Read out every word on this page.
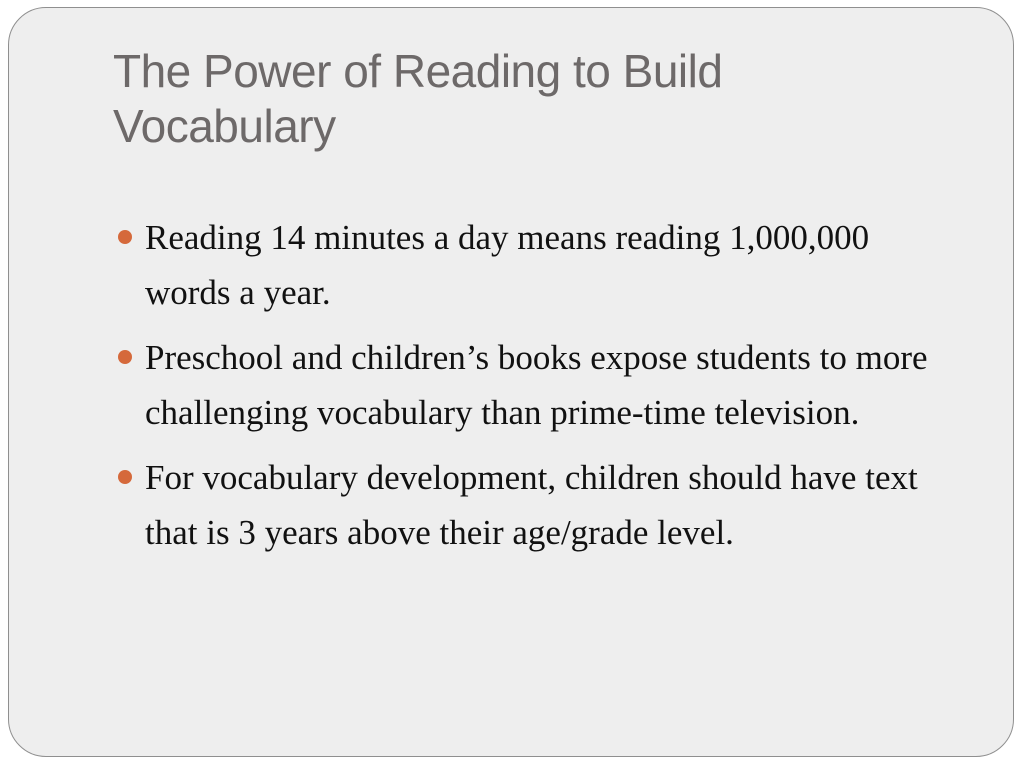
The Power of Reading to Build Vocabulary
Reading 14 minutes a day means reading 1,000,000 words a year.
Preschool and children’s books expose students to more challenging vocabulary than prime-time television.
For vocabulary development, children should have text that is 3 years above their age/grade level.
